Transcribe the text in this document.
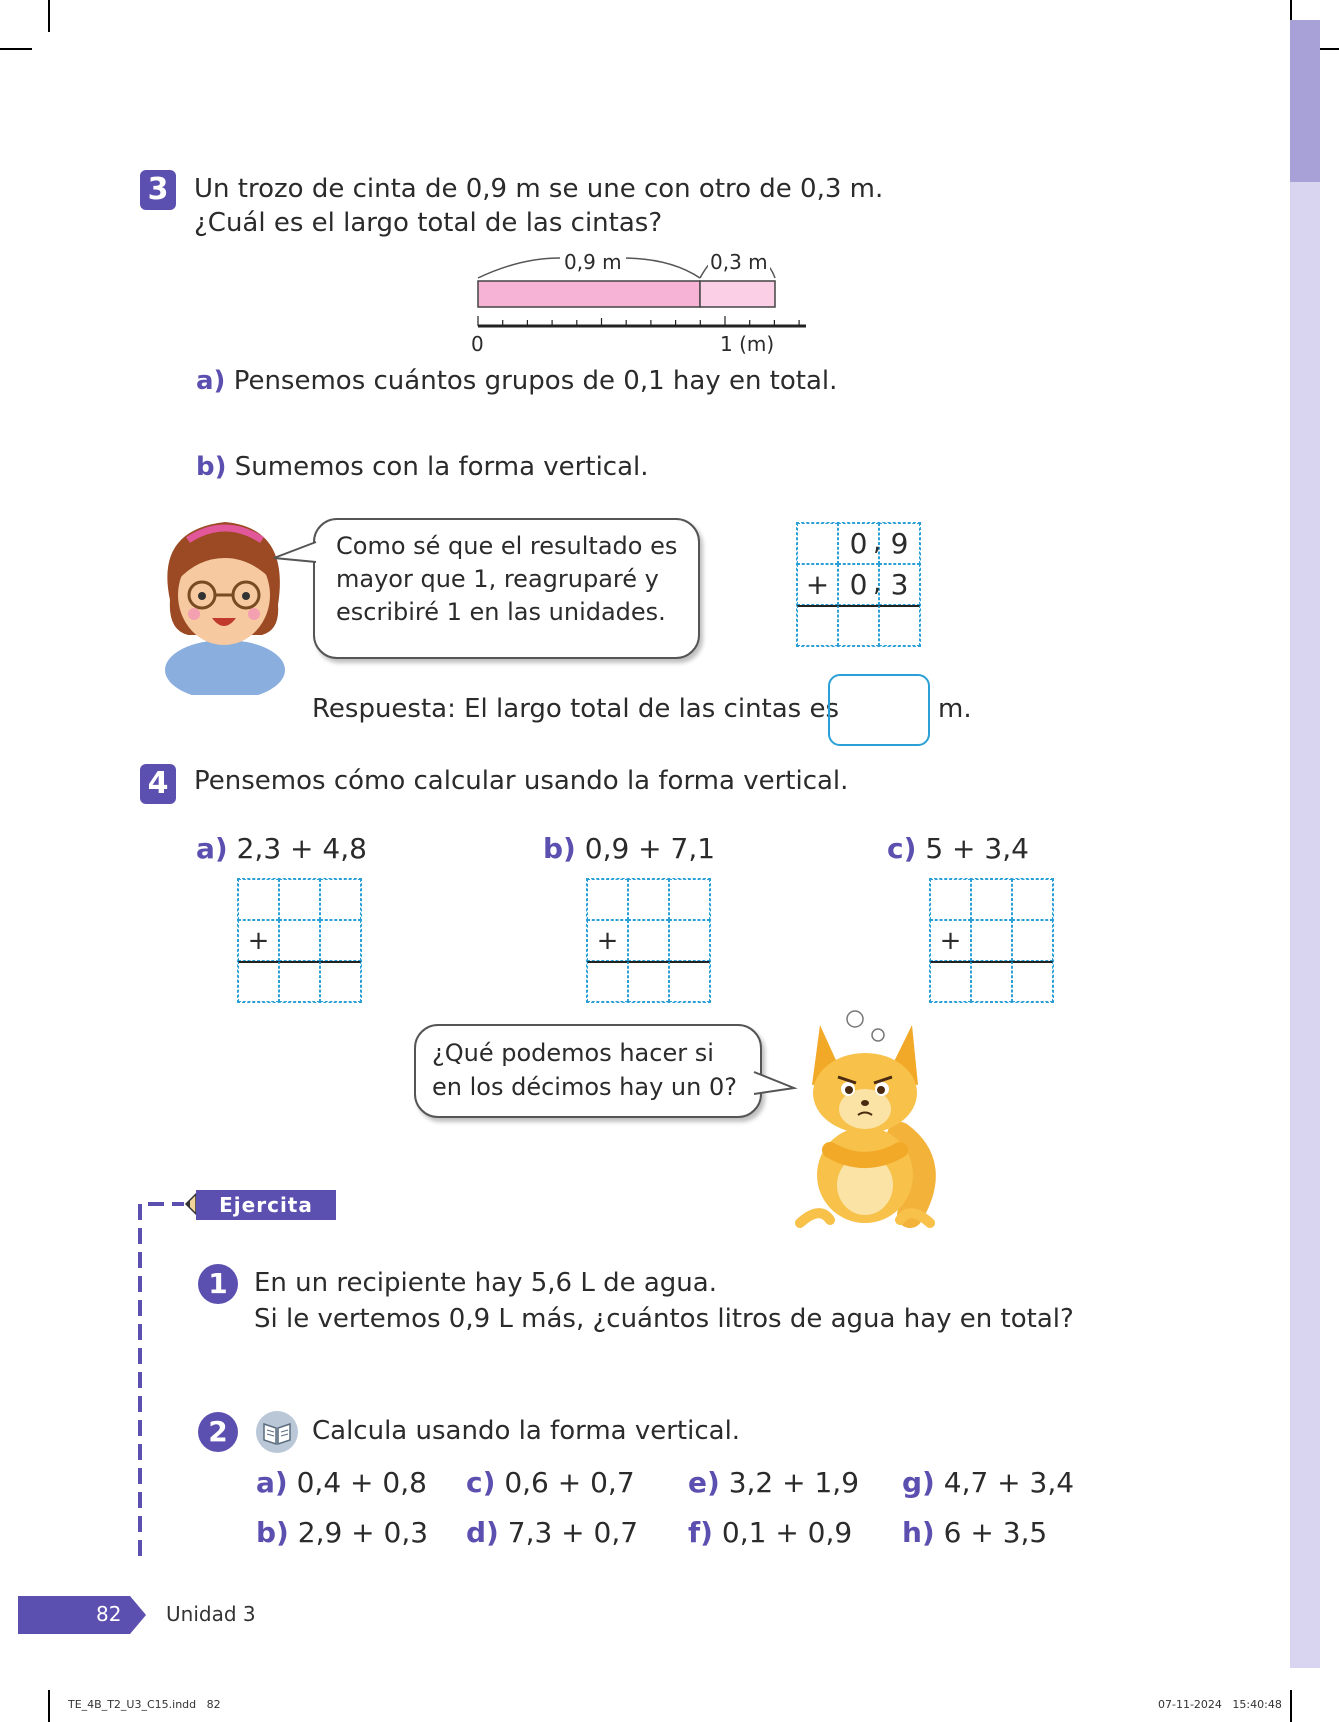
3 Un trozo de cinta de 0,9 m se une con otro de 0,3 m.
¿Cuál es el largo total de las cintas?
0,9 m	0,3 m
0	1 (m)
a) Pensemos cuántos grupos de 0,1 hay en total.
b) Sumemos con la forma vertical.
Como sé que el resultado es
mayor que 1, reagruparé y
escribiré 1 en las unidades.
0 9
+ 0 3
,
,
Respuesta: El largo total de las cintas es	m.
4 Pensemos cómo calcular usando la forma vertical.
a) 2,3 + 4,8	b) 0,9 + 7,1	c) 5 + 3,4
+	+	+
¿Qué podemos hacer si
en los décimos hay un 0?
Ejercita
1	En un recipiente hay 5,6 L de agua.
Si le vertemos 0,9 L más, ¿cuántos litros de agua hay en total?
2	Calcula usando la forma vertical.
a) 0,4 + 0,8 c) 0,6 + 0,7 e) 3,2 + 1,9 g) 4,7 + 3,4
b) 2,9 + 0,3 d) 7,3 + 0,7 f) 0,1 + 0,9 h) 6 + 3,5
82 Unidad 3
TE_4B_T2_U3_C15.indd   82	07-11-2024   15:40:48
